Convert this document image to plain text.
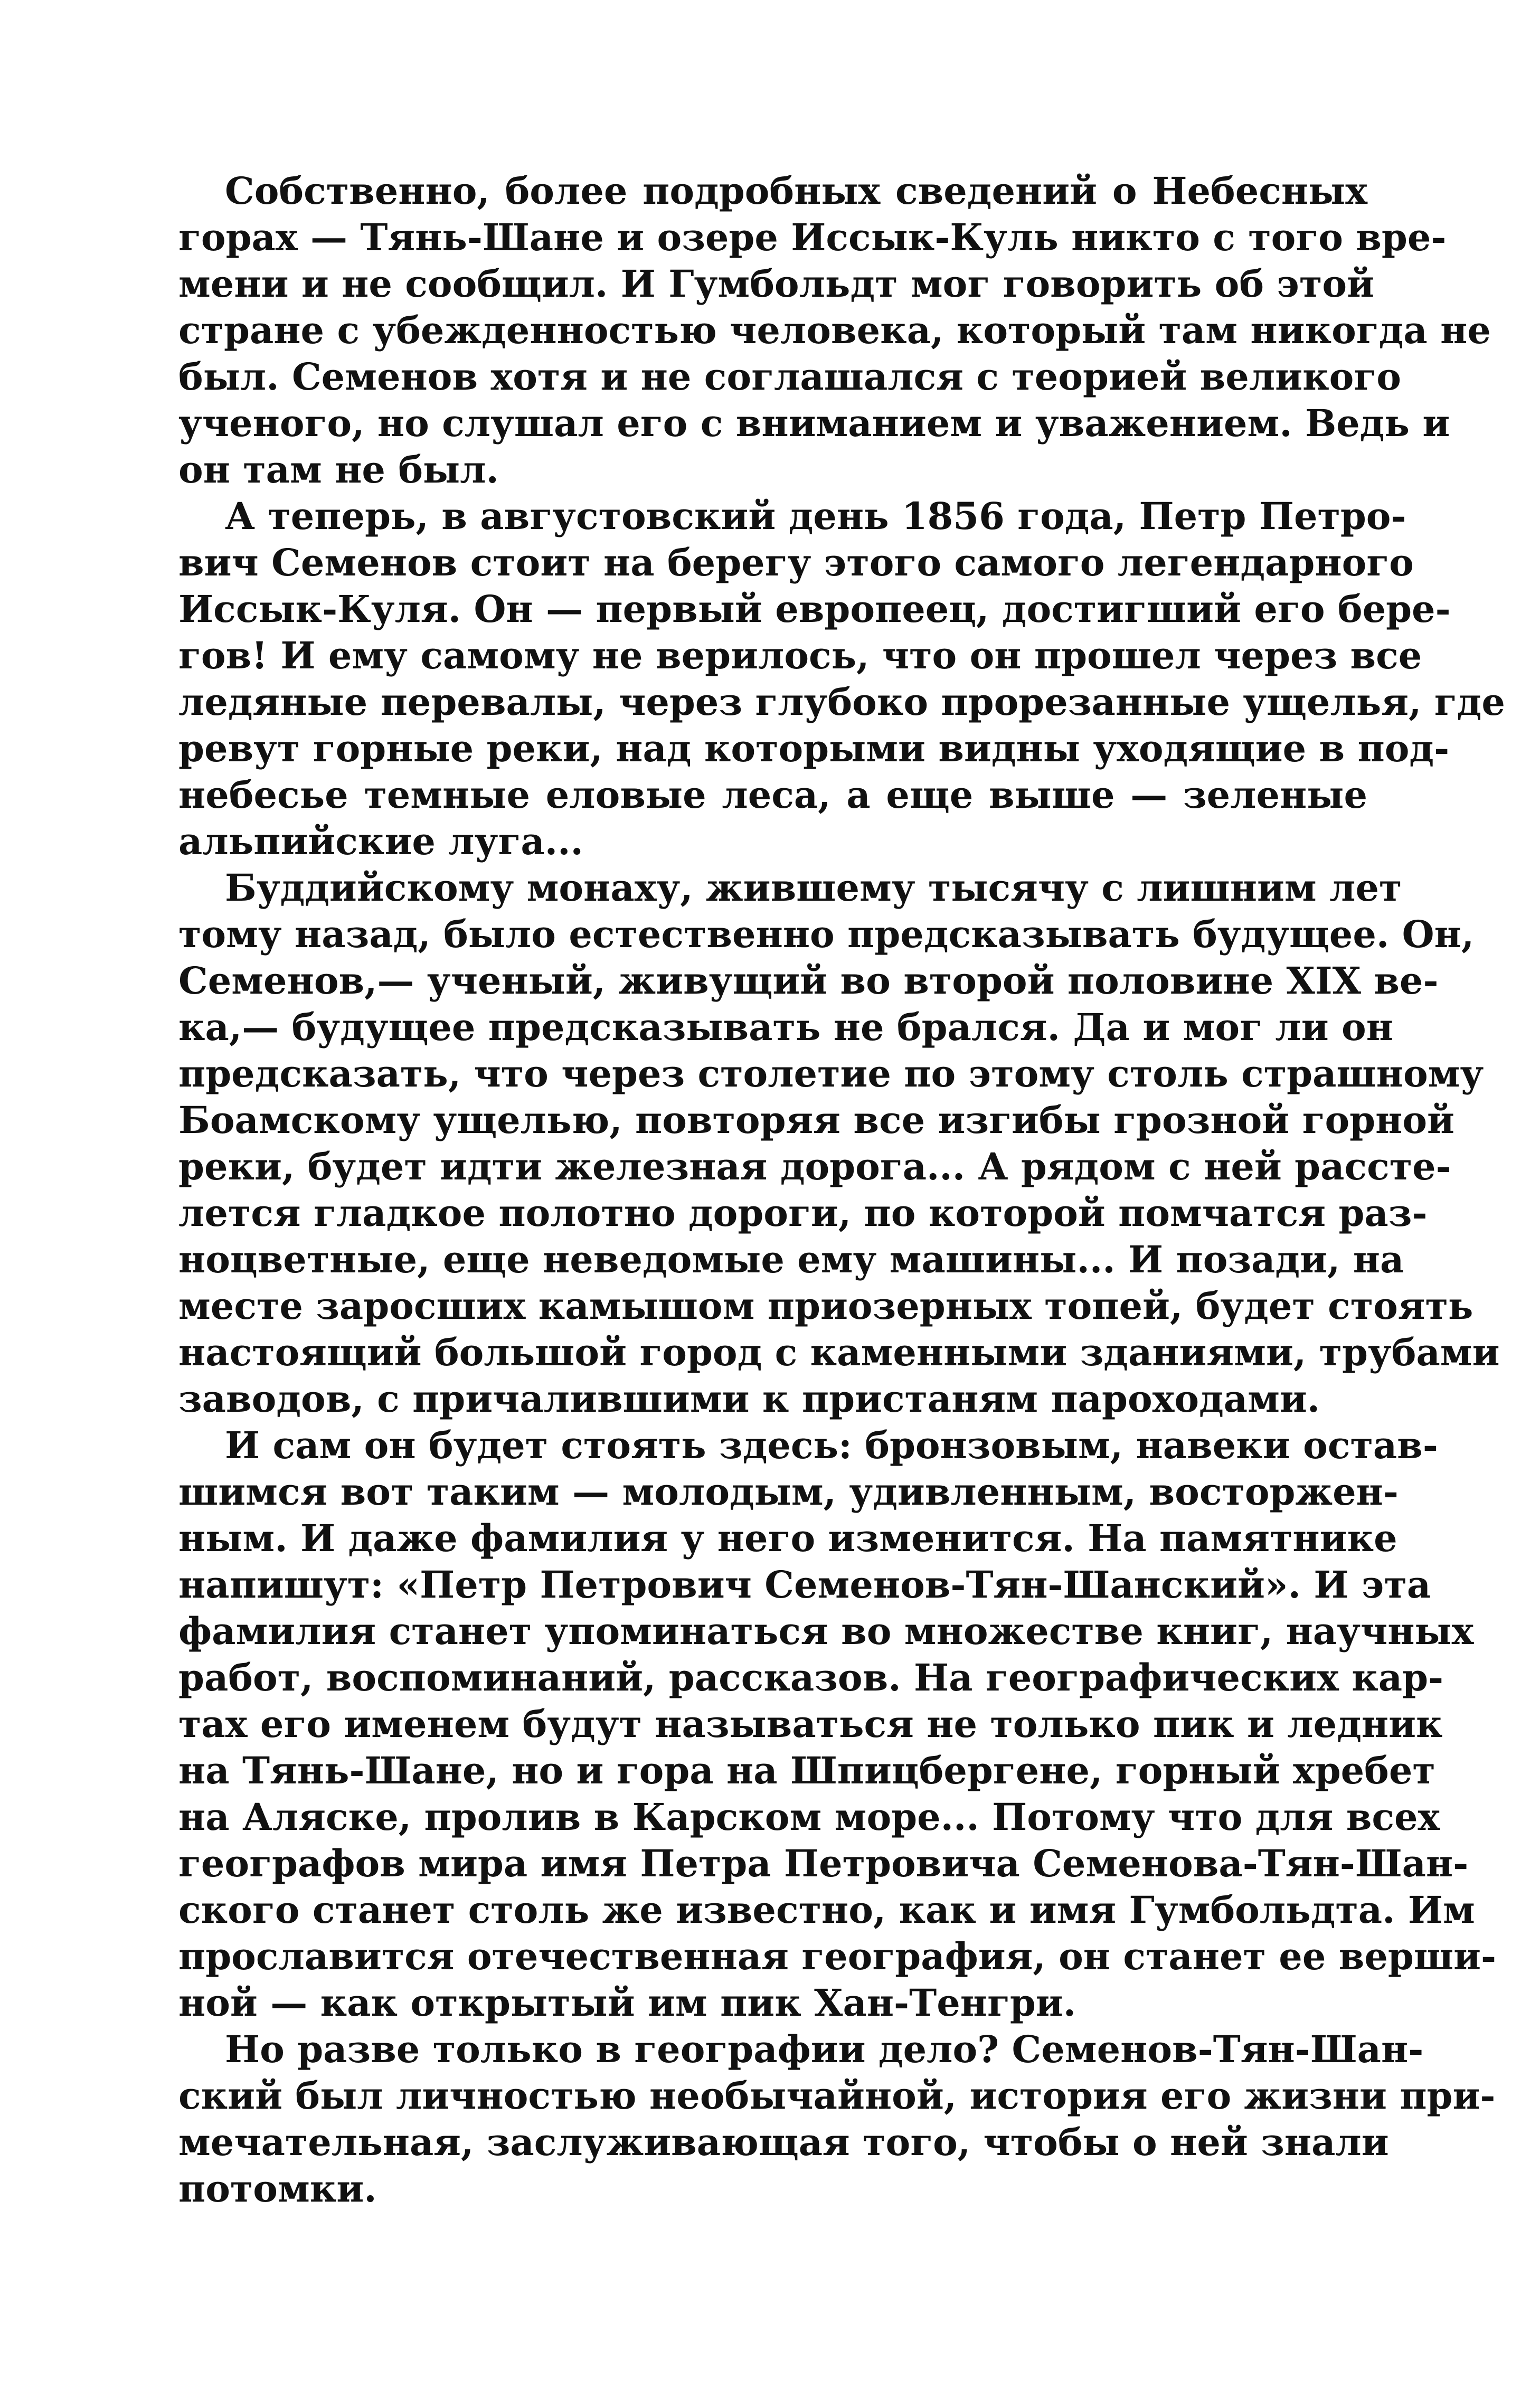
Собственно, более подробных сведений о Небесных
горах — Тянь-Шане и озере Иссык-Куль никто с того вре-
мени и не сообщил. И Гумбольдт мог говорить об этой
стране с убежденностью человека, который там никогда не
был. Семенов хотя и не соглашался с теорией великого
ученого, но слушал его с вниманием и уважением. Ведь и
он там не был.
А теперь, в августовский день 1856 года, Петр Петро-
вич Семенов стоит на берегу этого самого легендарного
Иссык-Куля. Он — первый европеец, достигший его бере-
гов! И ему самому не верилось, что он прошел через все
ледяные перевалы, через глубоко прорезанные ущелья, где
ревут горные реки, над которыми видны уходящие в под-
небесье темные еловые леса, а еще выше — зеленые
альпийские луга...
Буддийскому монаху, жившему тысячу с лишним лет
тому назад, было естественно предсказывать будущее. Он,
Семенов,— ученый, живущий во второй половине XIX ве-
ка,— будущее предсказывать не брался. Да и мог ли он
предсказать, что через столетие по этому столь страшному
Боамскому ущелью, повторяя все изгибы грозной горной
реки, будет идти железная дорога... А рядом с ней рассте-
лется гладкое полотно дороги, по которой помчатся раз-
ноцветные, еще неведомые ему машины... И позади, на
месте заросших камышом приозерных топей, будет стоять
настоящий большой город с каменными зданиями, трубами
заводов, с причалившими к пристаням пароходами.
И сам он будет стоять здесь: бронзовым, навеки остав-
шимся вот таким — молодым, удивленным, восторжен-
ным. И даже фамилия у него изменится. На памятнике
напишут: «Петр Петрович Семенов-Тян-Шанский». И эта
фамилия станет упоминаться во множестве книг, научных
работ, воспоминаний, рассказов. На географических кар-
тах его именем будут называться не только пик и ледник
на Тянь-Шане, но и гора на Шпицбергене, горный хребет
на Аляске, пролив в Карском море... Потому что для всех
географов мира имя Петра Петровича Семенова-Тян-Шан-
ского станет столь же известно, как и имя Гумбольдта. Им
прославится отечественная география, он станет ее верши-
ной — как открытый им пик Хан-Тенгри.
Но разве только в географии дело? Семенов-Тян-Шан-
ский был личностью необычайной, история его жизни при-
мечательная, заслуживающая того, чтобы о ней знали
потомки.
